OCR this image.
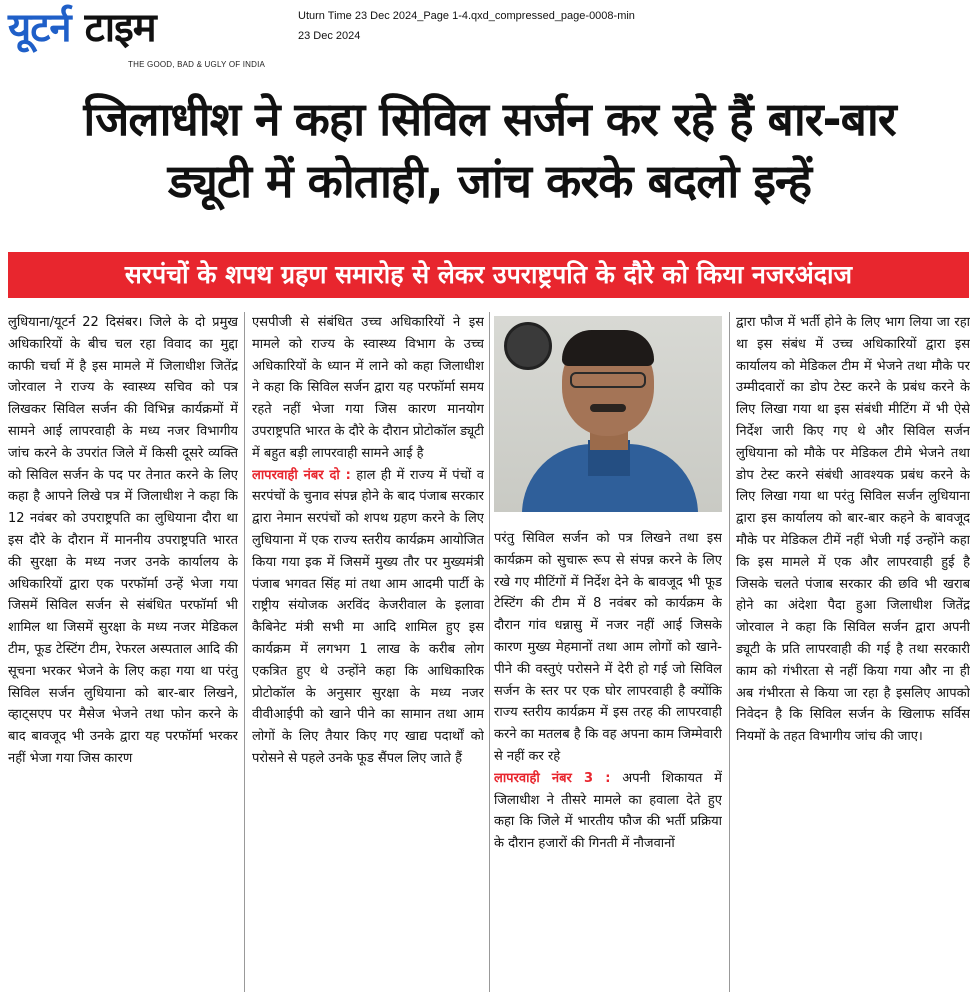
यूटर्न टाइम
THE GOOD, BAD & UGLY OF INDIA
Uturn Time 23 Dec 2024_Page 1-4.qxd_compressed_page-0008-min
23 Dec 2024
जिलाधीश ने कहा सिविल सर्जन कर रहे हैं बार-बार
ड्यूटी में कोताही, जांच करके बदलो इन्हें
सरपंचों के शपथ ग्रहण समारोह से लेकर उपराष्ट्रपति के दौरे को किया नजरअंदाज

लुधियाना/यूटर्न 22 दिसंबर। जिले के दो प्रमुख अधिकारियों के बीच चल रहा विवाद का मुद्दा काफी चर्चा में है इस मामले में जिलाधीश जितेंद्र जोरवाल ने राज्य के स्वास्थ्य सचिव को पत्र लिखकर सिविल सर्जन की विभिन्न कार्यक्रमों में सामने आई लापरवाही के मध्य नजर विभागीय जांच करने के उपरांत जिले में किसी दूसरे व्यक्ति को सिविल सर्जन के पद पर तेनात करने के लिए कहा है आपने लिखे पत्र में जिलाधीश ने कहा कि 12 नवंबर को उपराष्ट्रपति का लुधियाना दौरा था इस दौरे के दौरान में माननीय उपराष्ट्रपति भारत की सुरक्षा के मध्य नजर उनके कार्यालय के अधिकारियों द्वारा एक परफॉर्मा उन्हें भेजा गया जिसमें सिविल सर्जन से संबंधित परफॉर्मा भी शामिल था जिसमें सुरक्षा के मध्य नजर मेडिकल टीम, फूड टेस्टिंग टीम, रेफरल अस्पताल आदि की सूचना भरकर भेजने के लिए कहा गया था परंतु सिविल सर्जन लुधियाना को बार-बार लिखने, व्हाट्सएप पर मैसेज भेजने तथा फोन करने के बाद बावजूद भी उनके द्वारा यह परफॉर्मा भरकर नहीं भेजा गया जिस कारण

एसपीजी से संबंधित उच्च अधिकारियों ने इस मामले को राज्य के स्वास्थ्य विभाग के उच्च अधिकारियों के ध्यान में लाने को कहा जिलाधीश ने कहा कि सिविल सर्जन द्वारा यह परफॉर्मा समय रहते नहीं भेजा गया जिस कारण मानयोग उपराष्ट्रपति भारत के दौरे के दौरान प्रोटोकॉल ड्यूटी में बहुत बड़ी लापरवाही सामने आई है

लापरवाही नंबर दो : हाल ही में राज्य में पंचों व सरपंचों के चुनाव संपन्न होने के बाद पंजाब सरकार द्वारा नेमान सरपंचों को शपथ ग्रहण करने के लिए लुधियाना में एक राज्य स्तरीय कार्यक्रम आयोजित किया गया इक में जिसमें मुख्य तौर पर मुख्यमंत्री पंजाब भगवत सिंह मां तथा आम आदमी पार्टी के राष्ट्रीय संयोजक अरविंद केजरीवाल के इलावा कैबिनेट मंत्री सभी मा आदि शामिल हुए इस कार्यक्रम में लगभग 1 लाख के करीब लोग एकत्रित हुए थे उन्होंने कहा कि आधिकारिक प्रोटोकॉल के अनुसार सुरक्षा के मध्य नजर वीवीआईपी को खाने पीने का सामान तथा आम लोगों के लिए तैयार किए गए खाद्य पदार्थों को परोसने से पहले उनके फूड सैंपल लिए जाते हैं

परंतु सिविल सर्जन को पत्र लिखने तथा इस कार्यक्रम को सुचारू रूप से संपन्न करने के लिए रखे गए मीटिंगों में निर्देश देने के बावजूद भी फूड टेस्टिंग की टीम में 8 नवंबर को कार्यक्रम के दौरान गांव धन्नासु में नजर नहीं आई जिसके कारण मुख्य मेहमानों तथा आम लोगों को खाने-पीने की वस्तुएं परोसने में देरी हो गई जो सिविल सर्जन के स्तर पर एक घोर लापरवाही है क्योंकि राज्य स्तरीय कार्यक्रम में इस तरह की लापरवाही करने का मतलब है कि वह अपना काम जिम्मेवारी से नहीं कर रहे

लापरवाही नंबर 3 : अपनी शिकायत में जिलाधीश ने तीसरे मामले का हवाला देते हुए कहा कि जिले में भारतीय फौज की भर्ती प्रक्रिया के दौरान हजारों की गिनती में नौजवानों

द्वारा फौज में भर्ती होने के लिए भाग लिया जा रहा था इस संबंध में उच्च अधिकारियों द्वारा इस कार्यालय को मेडिकल टीम में भेजने तथा मौके पर उम्मीदवारों का डोप टेस्ट करने के प्रबंध करने के लिए लिखा गया था इस संबंधी मीटिंग में भी ऐसे निर्देश जारी किए गए थे और सिविल सर्जन लुधियाना को मौके पर मेडिकल टीमे भेजने तथा डोप टेस्ट करने संबंधी आवश्यक प्रबंध करने के लिए लिखा गया था परंतु सिविल सर्जन लुधियाना द्वारा इस कार्यालय को बार-बार कहने के बावजूद मौके पर मेडिकल टीमें नहीं भेजी गई उन्होंने कहा कि इस मामले में एक और लापरवाही हुई है जिसके चलते पंजाब सरकार की छवि भी खराब होने का अंदेशा पैदा हुआ जिलाधीश जितेंद्र जोरवाल ने कहा कि सिविल सर्जन द्वारा अपनी ड्यूटी के प्रति लापरवाही की गई है तथा सरकारी काम को गंभीरता से नहीं किया गया और ना ही अब गंभीरता से किया जा रहा है इसलिए आपको निवेदन है कि सिविल सर्जन के खिलाफ सर्विस नियमों के तहत विभागीय जांच की जाए।
